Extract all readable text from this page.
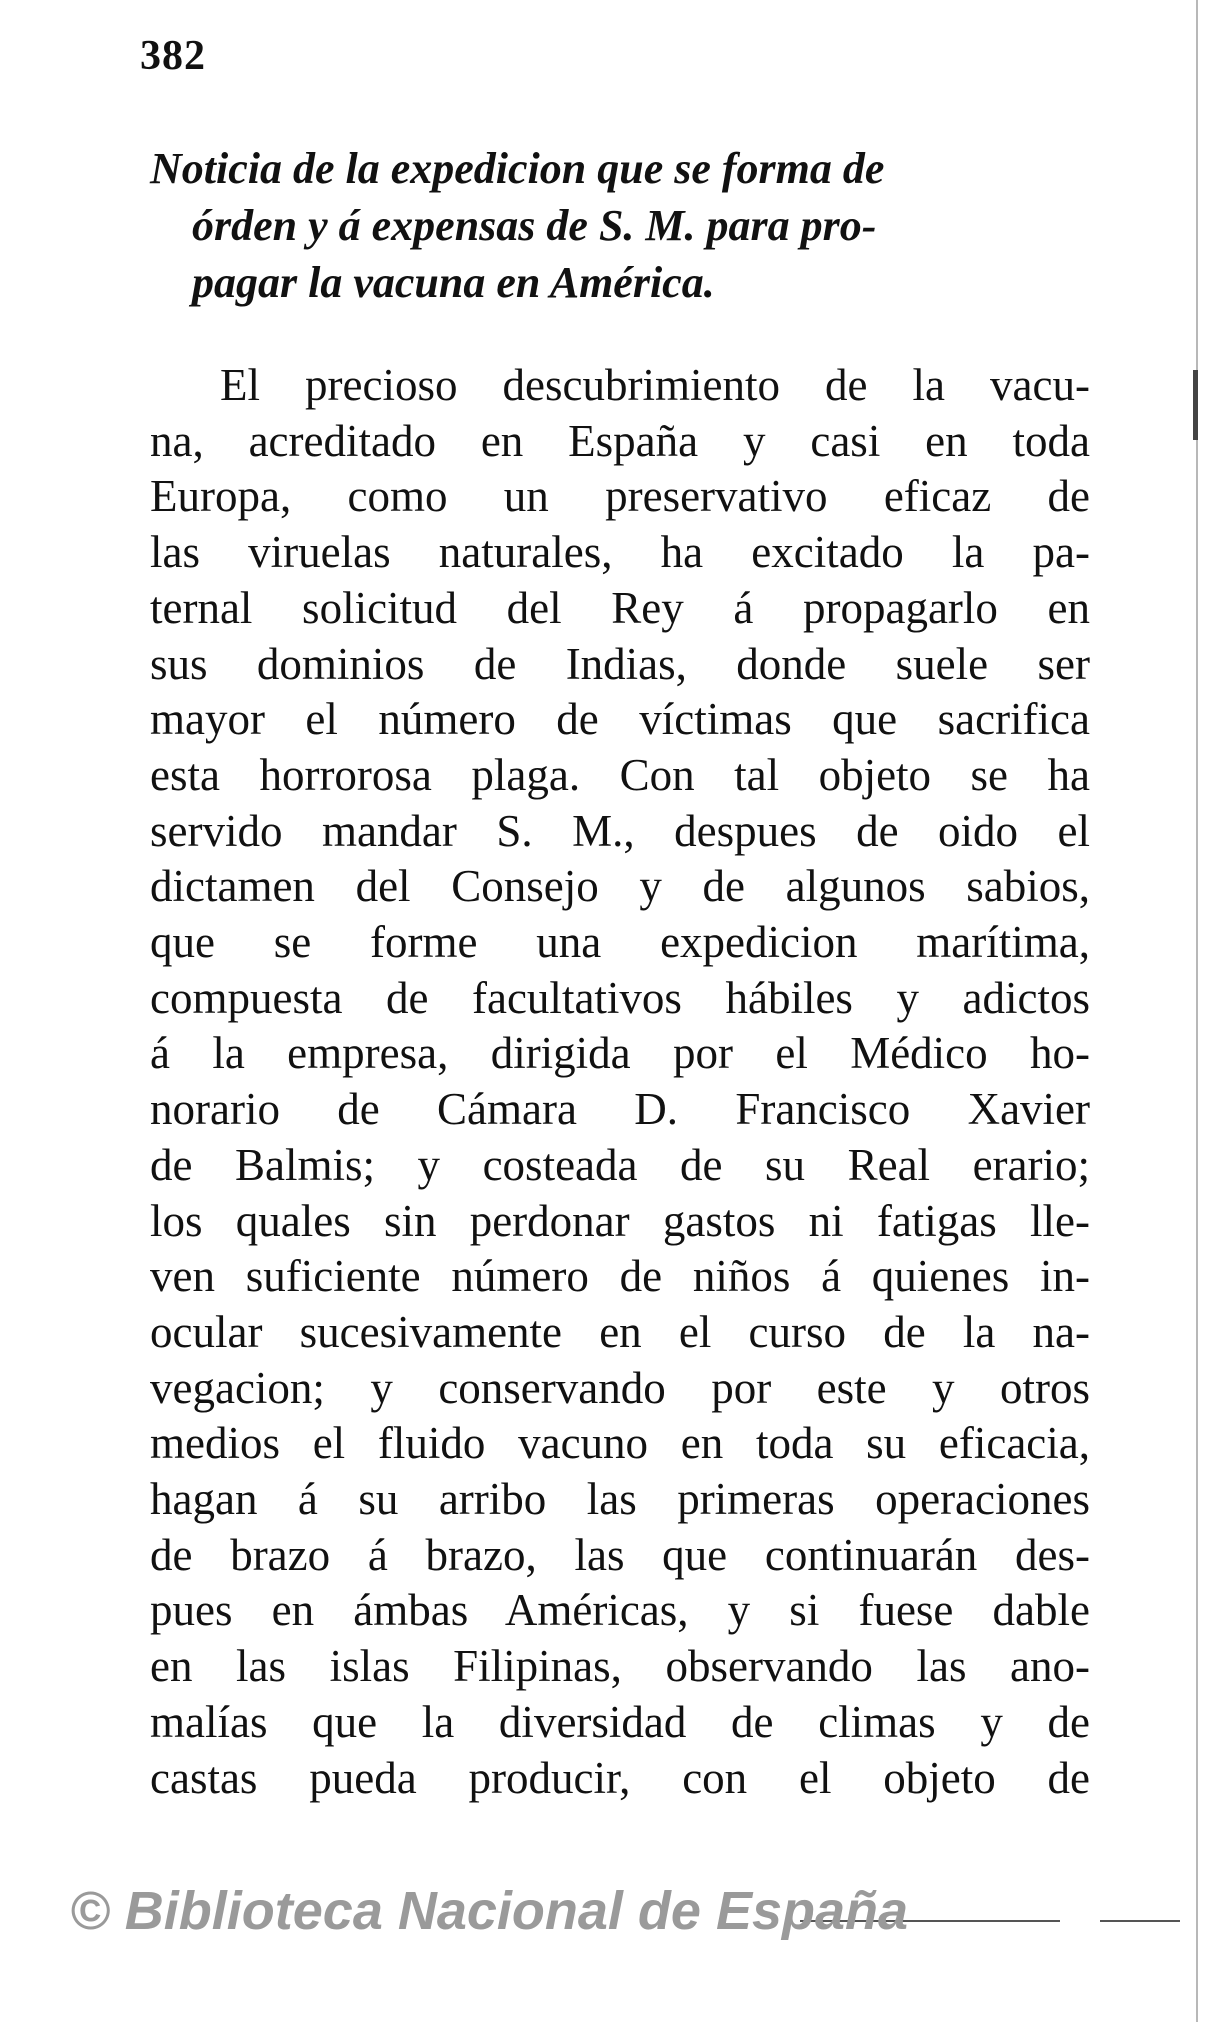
382
Noticia de la expedicion que se forma de
órden y á expensas de S. M. para pro-
pagar la vacuna en América.
El precioso descubrimiento de la vacu-
na, acreditado en España y casi en toda
Europa, como un preservativo eficaz de
las viruelas naturales, ha excitado la pa-
ternal solicitud del Rey á propagarlo en
sus dominios de Indias, donde suele ser
mayor el número de víctimas que sacrifica
esta horrorosa plaga. Con tal objeto se ha
servido mandar S. M., despues de oido el
dictamen del Consejo y de algunos sabios,
que se forme una expedicion marítima,
compuesta de facultativos hábiles y adictos
á la empresa, dirigida por el Médico ho-
norario de Cámara D. Francisco Xavier
de Balmis; y costeada de su Real erario;
los quales sin perdonar gastos ni fatigas lle-
ven suficiente número de niños á quienes in-
ocular sucesivamente en el curso de la na-
vegacion; y conservando por este y otros
medios el fluido vacuno en toda su eficacia,
hagan á su arribo las primeras operaciones
de brazo á brazo, las que continuarán des-
pues en ámbas Américas, y si fuese dable
en las islas Filipinas, observando las ano-
malías que la diversidad de climas y de
castas pueda producir, con el objeto de
© Biblioteca Nacional de España
